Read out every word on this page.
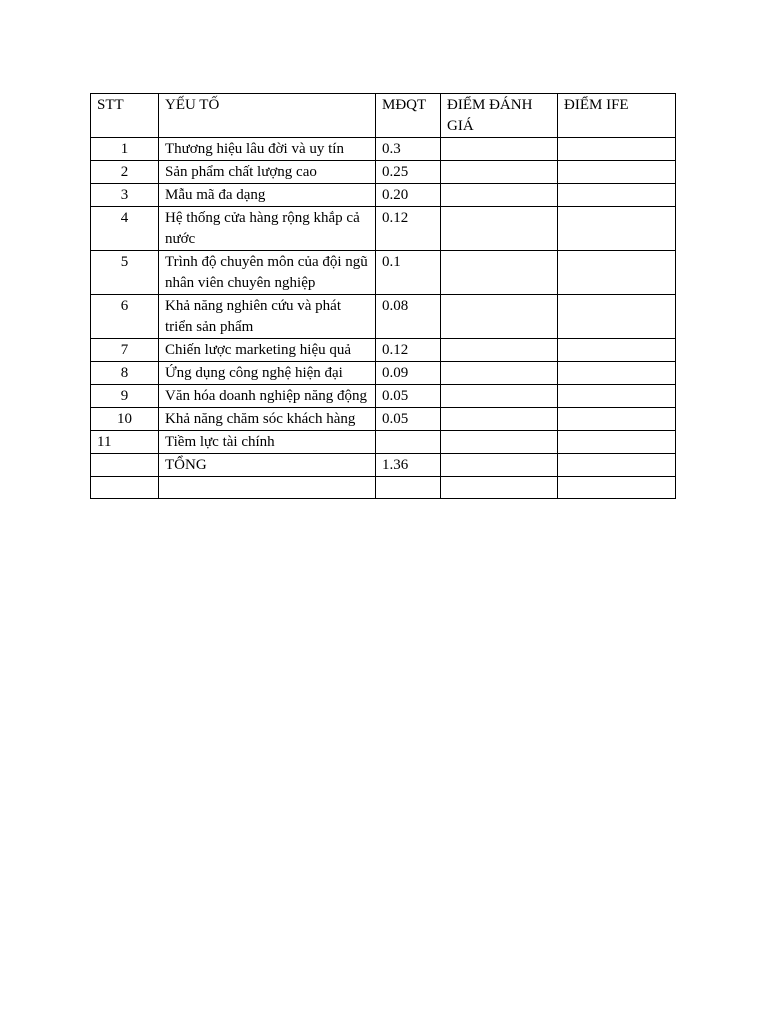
STT	YẾU TỐ	MĐQT	ĐIỂM ĐÁNH GIÁ	ĐIỂM IFE
1	Thương hiệu lâu đời và uy tín	0.3		
2	Sản phẩm chất lượng cao	0.25		
3	Mẫu mã đa dạng	0.20		
4	Hệ thống cửa hàng rộng khắp cả nước	0.12		
5	Trình độ chuyên môn của đội ngũ nhân viên chuyên nghiệp	0.1		
6	Khả năng nghiên cứu và phát triển sản phẩm	0.08		
7	Chiến lược marketing hiệu quả	0.12		
8	Ứng dụng công nghệ hiện đại	0.09		
9	Văn hóa doanh nghiệp năng động	0.05		
10	Khả năng chăm sóc khách hàng	0.05		
11	Tiềm lực tài chính			
	TỔNG	1.36		
